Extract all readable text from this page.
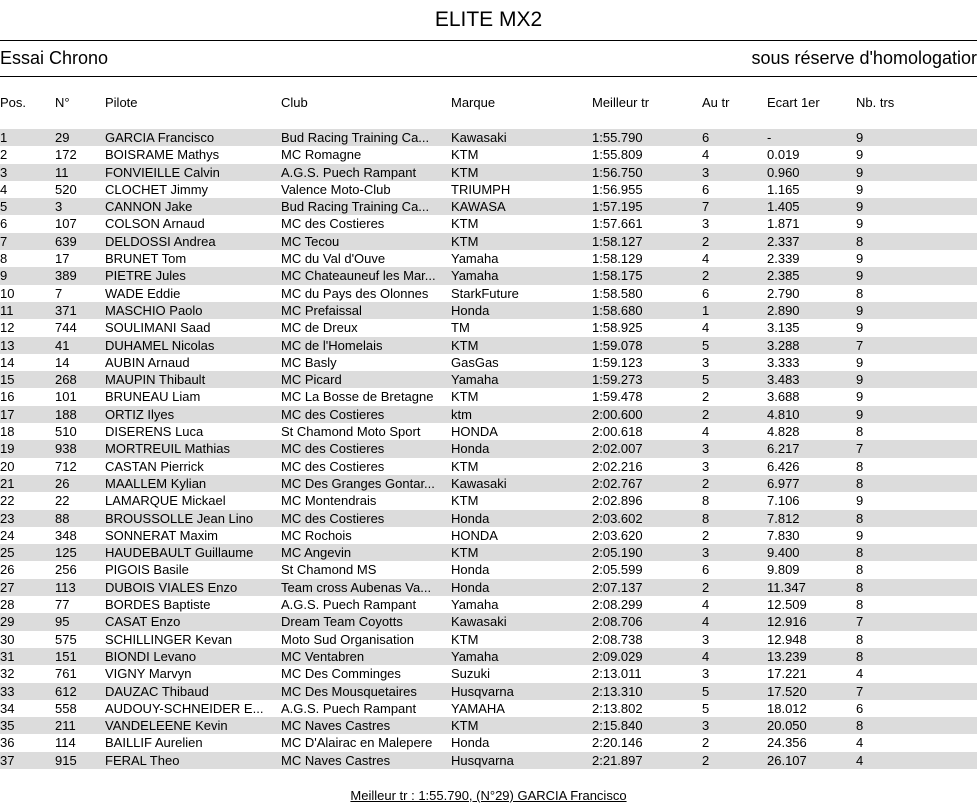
ELITE MX2
Essai Chrono	sous réserve d'homologatior
Pos. N°	Pilote	Club	Marque	Meilleur tr	Au tr	Ecart 1er	Nb. trs
1	29	GARCIA Francisco	Bud Racing Training Ca...	Kawasaki	1:55.790	6	-	9
2	172	BOISRAME Mathys	MC Romagne	KTM	1:55.809	4	0.019	9
3	11	FONVIEILLE Calvin	A.G.S. Puech Rampant	KTM	1:56.750	3	0.960	9
4	520	CLOCHET Jimmy	Valence Moto-Club	TRIUMPH	1:56.955	6	1.165	9
5	3	CANNON Jake	Bud Racing Training Ca...	KAWASA	1:57.195	7	1.405	9
6	107	COLSON Arnaud	MC des Costieres	KTM	1:57.661	3	1.871	9
7	639	DELDOSSI Andrea	MC Tecou	KTM	1:58.127	2	2.337	8
8	17	BRUNET Tom	MC du Val d'Ouve	Yamaha	1:58.129	4	2.339	9
9	389	PIETRE Jules	MC Chateauneuf les Mar...	Yamaha	1:58.175	2	2.385	9
10	7	WADE Eddie	MC du Pays des Olonnes	StarkFuture	1:58.580	6	2.790	8
11	371	MASCHIO Paolo	MC Prefaissal	Honda	1:58.680	1	2.890	9
12	744	SOULIMANI Saad	MC de Dreux	TM	1:58.925	4	3.135	9
13	41	DUHAMEL Nicolas	MC de l'Homelais	KTM	1:59.078	5	3.288	7
14	14	AUBIN Arnaud	MC Basly	GasGas	1:59.123	3	3.333	9
15	268	MAUPIN Thibault	MC Picard	Yamaha	1:59.273	5	3.483	9
16	101	BRUNEAU Liam	MC La Bosse de Bretagne	KTM	1:59.478	2	3.688	9
17	188	ORTIZ Ilyes	MC des Costieres	ktm	2:00.600	2	4.810	9
18	510	DISERENS Luca	St Chamond Moto Sport	HONDA	2:00.618	4	4.828	8
19	938	MORTREUIL Mathias	MC des Costieres	Honda	2:02.007	3	6.217	7
20	712	CASTAN Pierrick	MC des Costieres	KTM	2:02.216	3	6.426	8
21	26	MAALLEM Kylian	MC Des Granges Gontar...	Kawasaki	2:02.767	2	6.977	8
22	22	LAMARQUE Mickael	MC Montendrais	KTM	2:02.896	8	7.106	9
23	88	BROUSSOLLE Jean Lino	MC des Costieres	Honda	2:03.602	8	7.812	8
24	348	SONNERAT Maxim	MC Rochois	HONDA	2:03.620	2	7.830	9
25	125	HAUDEBAULT Guillaume	MC Angevin	KTM	2:05.190	3	9.400	8
26	256	PIGOIS Basile	St Chamond MS	Honda	2:05.599	6	9.809	8
27	113	DUBOIS VIALES Enzo	Team cross Aubenas Va...	Honda	2:07.137	2	11.347	8
28	77	BORDES Baptiste	A.G.S. Puech Rampant	Yamaha	2:08.299	4	12.509	8
29	95	CASAT Enzo	Dream Team Coyotts	Kawasaki	2:08.706	4	12.916	7
30	575	SCHILLINGER Kevan	Moto Sud Organisation	KTM	2:08.738	3	12.948	8
31	151	BIONDI Levano	MC Ventabren	Yamaha	2:09.029	4	13.239	8
32	761	VIGNY Marvyn	MC Des Comminges	Suzuki	2:13.011	3	17.221	4
33	612	DAUZAC Thibaud	MC Des Mousquetaires	Husqvarna	2:13.310	5	17.520	7
34	558	AUDOUY-SCHNEIDER E...	A.G.S. Puech Rampant	YAMAHA	2:13.802	5	18.012	6
35	211	VANDELEENE Kevin	MC Naves Castres	KTM	2:15.840	3	20.050	8
36	114	BAILLIF Aurelien	MC D'Alairac en Malepere	Honda	2:20.146	2	24.356	4
37	915	FERAL Theo	MC Naves Castres	Husqvarna	2:21.897	2	26.107	4
Meilleur tr : 1:55.790, (N°29) GARCIA Francisco
